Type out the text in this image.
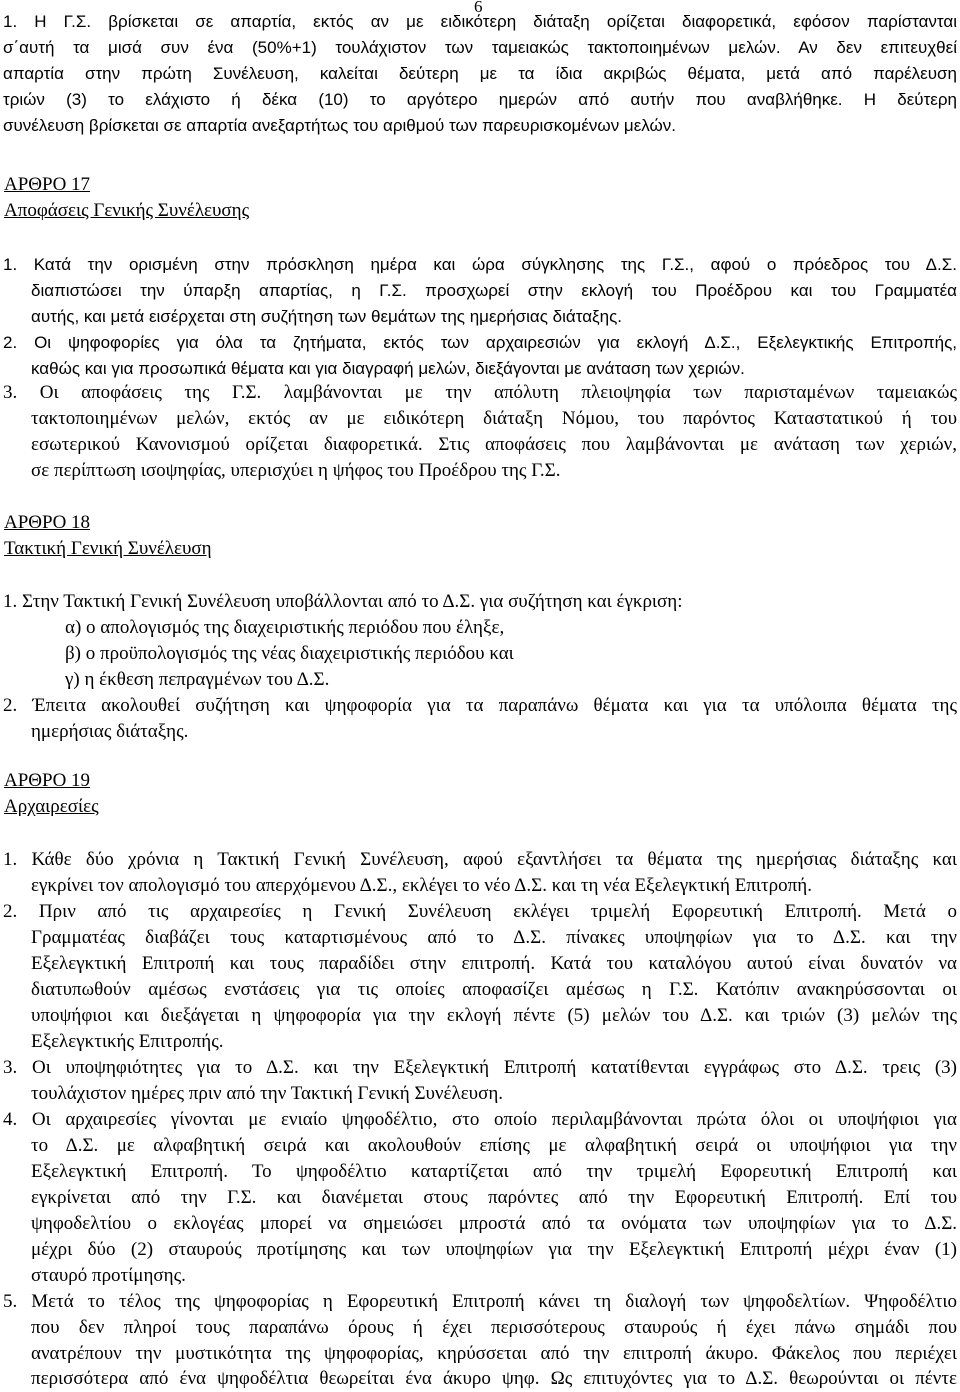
6
1. Η Γ.Σ. βρίσκεται σε απαρτία, εκτός αν με ειδικότερη διάταξη ορίζεται διαφορετικά, εφόσον παρίστανται
σ΄αυτή τα μισά συν ένα (50%+1) τουλάχιστον των ταμειακώς τακτοποιημένων μελών. Αν δεν επιτευχθεί
απαρτία στην πρώτη Συνέλευση, καλείται δεύτερη με τα ίδια ακριβώς θέματα, μετά από παρέλευση
τριών (3) το ελάχιστο ή δέκα (10) το αργότερο ημερών από αυτήν που αναβλήθηκε. Η δεύτερη
συνέλευση βρίσκεται σε απαρτία ανεξαρτήτως του αριθμού των παρευρισκομένων μελών.
ΑΡΘΡΟ 17
Αποφάσεις Γενικής Συνέλευσης
1. Κατά την ορισμένη στην πρόσκληση ημέρα και ώρα σύγκλησης της Γ.Σ., αφού ο πρόεδρος του Δ.Σ.
διαπιστώσει την ύπαρξη απαρτίας, η Γ.Σ. προσχωρεί στην εκλογή του Προέδρου και του Γραμματέα
αυτής, και μετά εισέρχεται στη συζήτηση των θεμάτων της ημερήσιας διάταξης.
2. Οι ψηφοφορίες για όλα τα ζητήματα, εκτός των αρχαιρεσιών για εκλογή Δ.Σ., Εξελεγκτικής Επιτροπής,
καθώς και για προσωπικά θέματα και για διαγραφή μελών, διεξάγονται με ανάταση των χεριών.
3. Οι αποφάσεις της Γ.Σ. λαμβάνονται με την απόλυτη πλειοψηφία των παρισταμένων ταμειακώς
τακτοποιημένων μελών, εκτός αν με ειδικότερη διάταξη Νόμου, του παρόντος Καταστατικού ή του
εσωτερικού Κανονισμού ορίζεται διαφορετικά. Στις αποφάσεις που λαμβάνονται με ανάταση των χεριών,
σε περίπτωση ισοψηφίας, υπερισχύει η ψήφος του Προέδρου της Γ.Σ.
ΑΡΘΡΟ 18
Τακτική Γενική Συνέλευση
1. Στην Τακτική Γενική Συνέλευση υποβάλλονται από το Δ.Σ. για συζήτηση και έγκριση:
α) ο απολογισμός της διαχειριστικής περιόδου που έληξε,
β) ο προϋπολογισμός της νέας διαχειριστικής περιόδου και
γ) η έκθεση πεπραγμένων του Δ.Σ.
2. Έπειτα ακολουθεί συζήτηση και ψηφοφορία για τα παραπάνω θέματα και για τα υπόλοιπα θέματα της
ημερήσιας διάταξης.
ΑΡΘΡΟ 19
Αρχαιρεσίες
1. Κάθε δύο χρόνια η Τακτική Γενική Συνέλευση, αφού εξαντλήσει τα θέματα της ημερήσιας διάταξης και
εγκρίνει τον απολογισμό του απερχόμενου Δ.Σ., εκλέγει το νέο Δ.Σ. και τη νέα Εξελεγκτική Επιτροπή.
2. Πριν από τις αρχαιρεσίες η Γενική Συνέλευση εκλέγει τριμελή Εφορευτική Επιτροπή. Μετά ο
Γραμματέας διαβάζει τους καταρτισμένους από το Δ.Σ. πίνακες υποψηφίων για το Δ.Σ. και την
Εξελεγκτική Επιτροπή και τους παραδίδει στην επιτροπή. Κατά του καταλόγου αυτού είναι δυνατόν να
διατυπωθούν αμέσως ενστάσεις για τις οποίες αποφασίζει αμέσως η Γ.Σ. Κατόπιν ανακηρύσσονται οι
υποψήφιοι και διεξάγεται η ψηφοφορία για την εκλογή πέντε (5) μελών του Δ.Σ. και τριών (3) μελών της
Εξελεγκτικής Επιτροπής.
3. Οι υποψηφιότητες για το Δ.Σ. και την Εξελεγκτική Επιτροπή κατατίθενται εγγράφως στο Δ.Σ. τρεις (3)
τουλάχιστον ημέρες πριν από την Τακτική Γενική Συνέλευση.
4. Οι αρχαιρεσίες γίνονται με ενιαίο ψηφοδέλτιο, στο οποίο περιλαμβάνονται πρώτα όλοι οι υποψήφιοι για
το Δ.Σ. με αλφαβητική σειρά και ακολουθούν επίσης με αλφαβητική σειρά οι υποψήφιοι για την
Εξελεγκτική Επιτροπή. Το ψηφοδέλτιο καταρτίζεται από την τριμελή Εφορευτική Επιτροπή και
εγκρίνεται από την Γ.Σ. και διανέμεται στους παρόντες από την Εφορευτική Επιτροπή. Επί του
ψηφοδελτίου ο εκλογέας μπορεί να σημειώσει μπροστά από τα ονόματα των υποψηφίων για το Δ.Σ.
μέχρι δύο (2) σταυρούς προτίμησης και των υποψηφίων για την Εξελεγκτική Επιτροπή μέχρι έναν (1)
σταυρό προτίμησης.
5. Μετά το τέλος της ψηφοφορίας η Εφορευτική Επιτροπή κάνει τη διαλογή των ψηφοδελτίων. Ψηφοδέλτιο
που δεν πληροί τους παραπάνω όρους ή έχει περισσότερους σταυρούς ή έχει πάνω σημάδι που
ανατρέπουν την μυστικότητα της ψηφοφορίας, κηρύσσεται από την επιτροπή άκυρο. Φάκελος που περιέχει
περισσότερα από ένα ψηφοδέλτια θεωρείται ένα άκυρο ψηφ. Ως επιτυχόντες για το Δ.Σ. θεωρούνται οι πέντε
